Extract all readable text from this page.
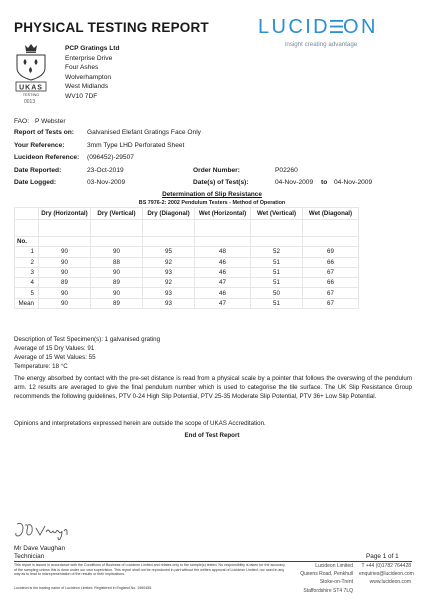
PHYSICAL TESTING REPORT LUCID ON
insight creating advantage
UKAS
TESTING
0013
PCP Gratings Ltd
Enterprise Drive
Four Ashes
Wolverhampton
West Midlands
WV10 7DF
FAO: P Webster
Report of Tests on: Galvanised Elefant Gratings Face Only
Your Reference:	3mm Type LHD Perforated Sheet
Lucideon Reference: (096452)-29507
Date Reported:	23-Oct-2019
Date Logged:	03-Nov-2009
Order Number:	P02260
Date(s) of Test(s):	04-Nov-2009 to 04-Nov-2009
Determination of Slip Resistance
BS 7976-2: 2002 Pendulum Testers - Method of Operation
	Dry (Horizontal)	Dry (Vertical)	Dry (Diagonal)	Wet (Horizontal)	Wet (Vertical)	Wet (Diagonal)

No.						
1	90	90	95	48	52	69
2	90	88	92	46	51	66
3	90	90	93	46	51	67
4	89	89	92	47	51	66
5	90	90	93	46	50	67
Mean	90	89	93	47	51	67
Description of Test Specimen(s): 1 galvanised grating
Average of 15 Dry Values: 91
Average of 15 Wet Values: 55
Temperature: 18 °C
The energy absorbed by contact with the pre-set distance is read from a physical scale by a pointer that follows the overswing of the pendulum arm. 12 results are averaged to give the final pendulum number which is used to categorise the tile surface. The UK Slip Resistance Group recommends the following guidelines, PTV 0-24 High Slip Potential, PTV 25-35 Moderate Slip Potential, PTV 36+ Low Slip Potential.
Opinions and interpretations expressed herein are outside the scope of UKAS Accreditation.
End of Test Report
Mr Dave Vaughan
Technician	Page 1 of 1
This report is issued in accordance with the Conditions of Business of Lucideon Limited and relates only to the sample(s) tested. No responsibility is taken for the accuracy of the sampling unless this is done under our own supervision. This report shall not be reproduced in part without the written approval of Lucideon Limited, nor used in any way as to lead to misrepresentation of the results or their implications.
Lucideon is the trading name of Lucideon Limited. Registered in England No. 1960455.
Lucideon Limited
Queens Road, Penkhull
Stoke-on-Trent
Staffordshire ST4 7LQ
T +44 (0)1782 764428
enquiries@lucideon.com
www.lucideon.com
